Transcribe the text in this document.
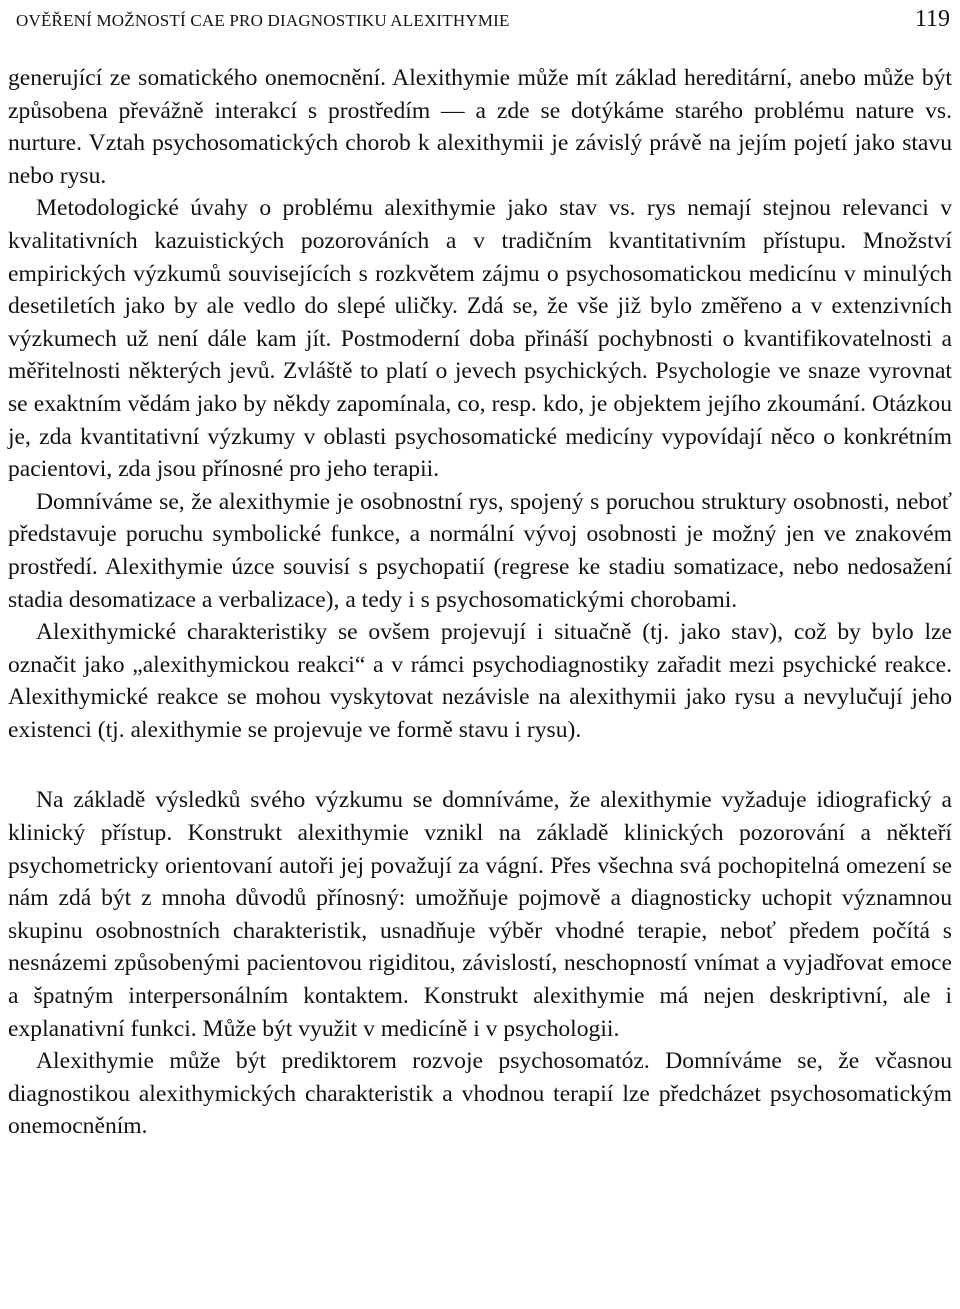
OVĚŘENÍ MOŽNOSTÍ CAE PRO DIAGNOSTIKU ALEXITHYMIE	119

generující ze somatického onemocnění. Alexithymie může mít základ hereditární, anebo může být způsobena převážně interakcí s prostředím — a zde se dotýkáme starého problému nature vs. nurture. Vztah psychosomatických chorob k alexithymii je závislý právě na jejím pojetí jako stavu nebo rysu.

Metodologické úvahy o problému alexithymie jako stav vs. rys nemají stejnou relevanci v kvalitativních kazuistických pozorováních a v tradičním kvantitativním přístupu. Množství empirických výzkumů souvisejících s rozkvětem zájmu o psychosomatickou medicínu v minulých desetiletích jako by ale vedlo do slepé uličky. Zdá se, že vše již bylo změřeno a v extenzivních výzkumech už není dále kam jít. Postmoderní doba přináší pochybnosti o kvantifikovatelnosti a měřitelnosti některých jevů. Zvláště to platí o jevech psychických. Psychologie ve snaze vyrovnat se exaktním vědám jako by někdy zapomínala, co, resp. kdo, je objektem jejího zkoumání. Otázkou je, zda kvantitativní výzkumy v oblasti psychosomatické medicíny vypovídají něco o konkrétním pacientovi, zda jsou přínosné pro jeho terapii.

Domníváme se, že alexithymie je osobnostní rys, spojený s poruchou struktury osobnosti, neboť představuje poruchu symbolické funkce, a normální vývoj osobnosti je možný jen ve znakovém prostředí. Alexithymie úzce souvisí s psychopatií (regrese ke stadiu somatizace, nebo nedosažení stadia desomatizace a verbalizace), a tedy i s psychosomatickými chorobami.

Alexithymické charakteristiky se ovšem projevují i situačně (tj. jako stav), což by bylo lze označit jako „alexithymickou reakci“ a v rámci psychodiagnostiky zařadit mezi psychické reakce. Alexithymické reakce se mohou vyskytovat nezávisle na alexithymii jako rysu a nevylučují jeho existenci (tj. alexithymie se projevuje ve formě stavu i rysu).

Na základě výsledků svého výzkumu se domníváme, že alexithymie vyžaduje idiografický a klinický přístup. Konstrukt alexithymie vznikl na základě klinických pozorování a někteří psychometricky orientovaní autoři jej považují za vágní. Přes všechna svá pochopitelná omezení se nám zdá být z mnoha důvodů přínosný: umožňuje pojmově a diagnosticky uchopit významnou skupinu osobnostních charakteristik, usnadňuje výběr vhodné terapie, neboť předem počítá s nesnázemi způsobenými pacientovou rigiditou, závislostí, neschopností vnímat a vyjadřovat emoce a špatným interpersonálním kontaktem. Konstrukt alexithymie má nejen deskriptivní, ale i explanativní funkci. Může být využit v medicíně i v psychologii.

Alexithymie může být prediktorem rozvoje psychosomatóz. Domníváme se, že včasnou diagnostikou alexithymických charakteristik a vhodnou terapií lze předcházet psychosomatickým onemocněním.
